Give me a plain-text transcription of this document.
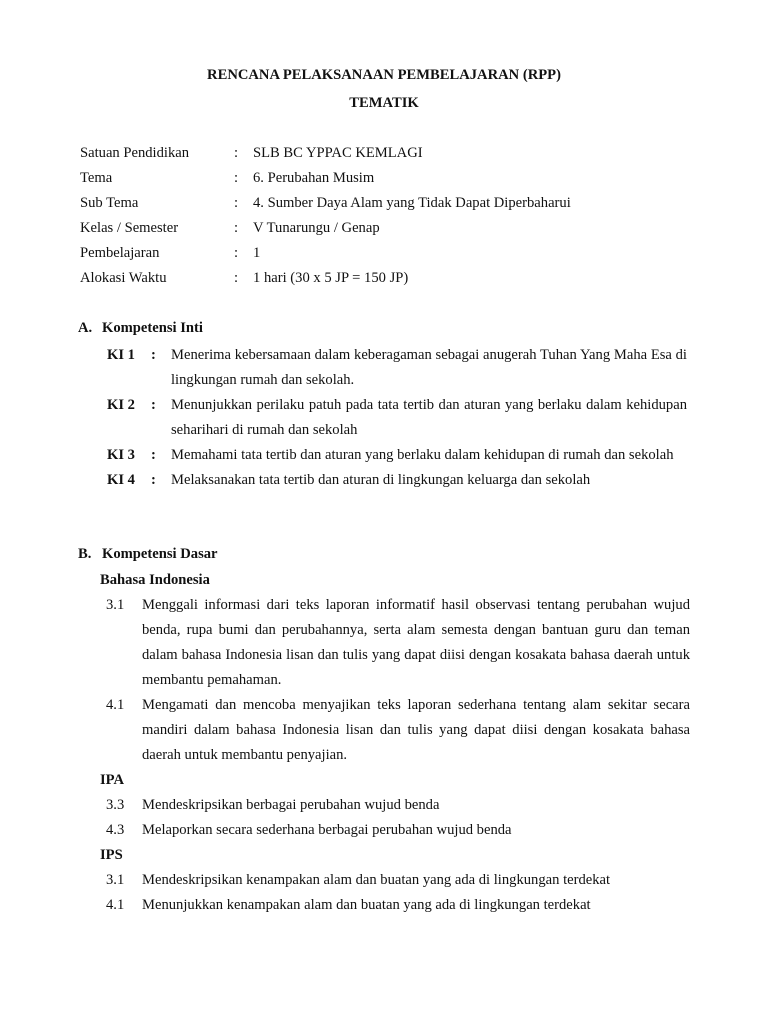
RENCANA PELAKSANAAN PEMBELAJARAN (RPP)
TEMATIK
Satuan Pendidikan	: SLB BC YPPAC KEMLAGI
Tema	: 6. Perubahan Musim
Sub Tema	: 4. Sumber Daya Alam yang Tidak Dapat Diperbaharui
Kelas / Semester	: V Tunarungu / Genap
Pembelajaran	: 1
Alokasi Waktu	: 1 hari (30 x 5 JP = 150 JP)
A. Kompetensi Inti
KI 1 : Menerima kebersamaan dalam keberagaman sebagai anugerah Tuhan Yang Maha Esa di lingkungan rumah dan sekolah.
KI 2 : Menunjukkan perilaku patuh pada tata tertib dan aturan yang berlaku dalam kehidupan seharihari di rumah dan sekolah
KI 3 : Memahami tata tertib dan aturan yang berlaku dalam kehidupan di rumah dan sekolah
KI 4 : Melaksanakan tata tertib dan aturan di lingkungan keluarga dan sekolah
B. Kompetensi Dasar
Bahasa Indonesia
3.1 Menggali informasi dari teks laporan informatif hasil observasi tentang perubahan wujud benda, rupa bumi dan perubahannya, serta alam semesta dengan bantuan guru dan teman dalam bahasa Indonesia lisan dan tulis yang dapat diisi dengan kosakata bahasa daerah untuk membantu pemahaman.
4.1 Mengamati dan mencoba menyajikan teks laporan sederhana tentang alam sekitar secara mandiri dalam bahasa Indonesia lisan dan tulis yang dapat diisi dengan kosakata bahasa daerah untuk membantu penyajian.
IPA
3.3 Mendeskripsikan berbagai perubahan wujud benda
4.3 Melaporkan secara sederhana berbagai perubahan wujud benda
IPS
3.1 Mendeskripsikan kenampakan alam dan buatan yang ada di lingkungan terdekat
4.1 Menunjukkan kenampakan alam dan buatan yang ada di lingkungan terdekat
